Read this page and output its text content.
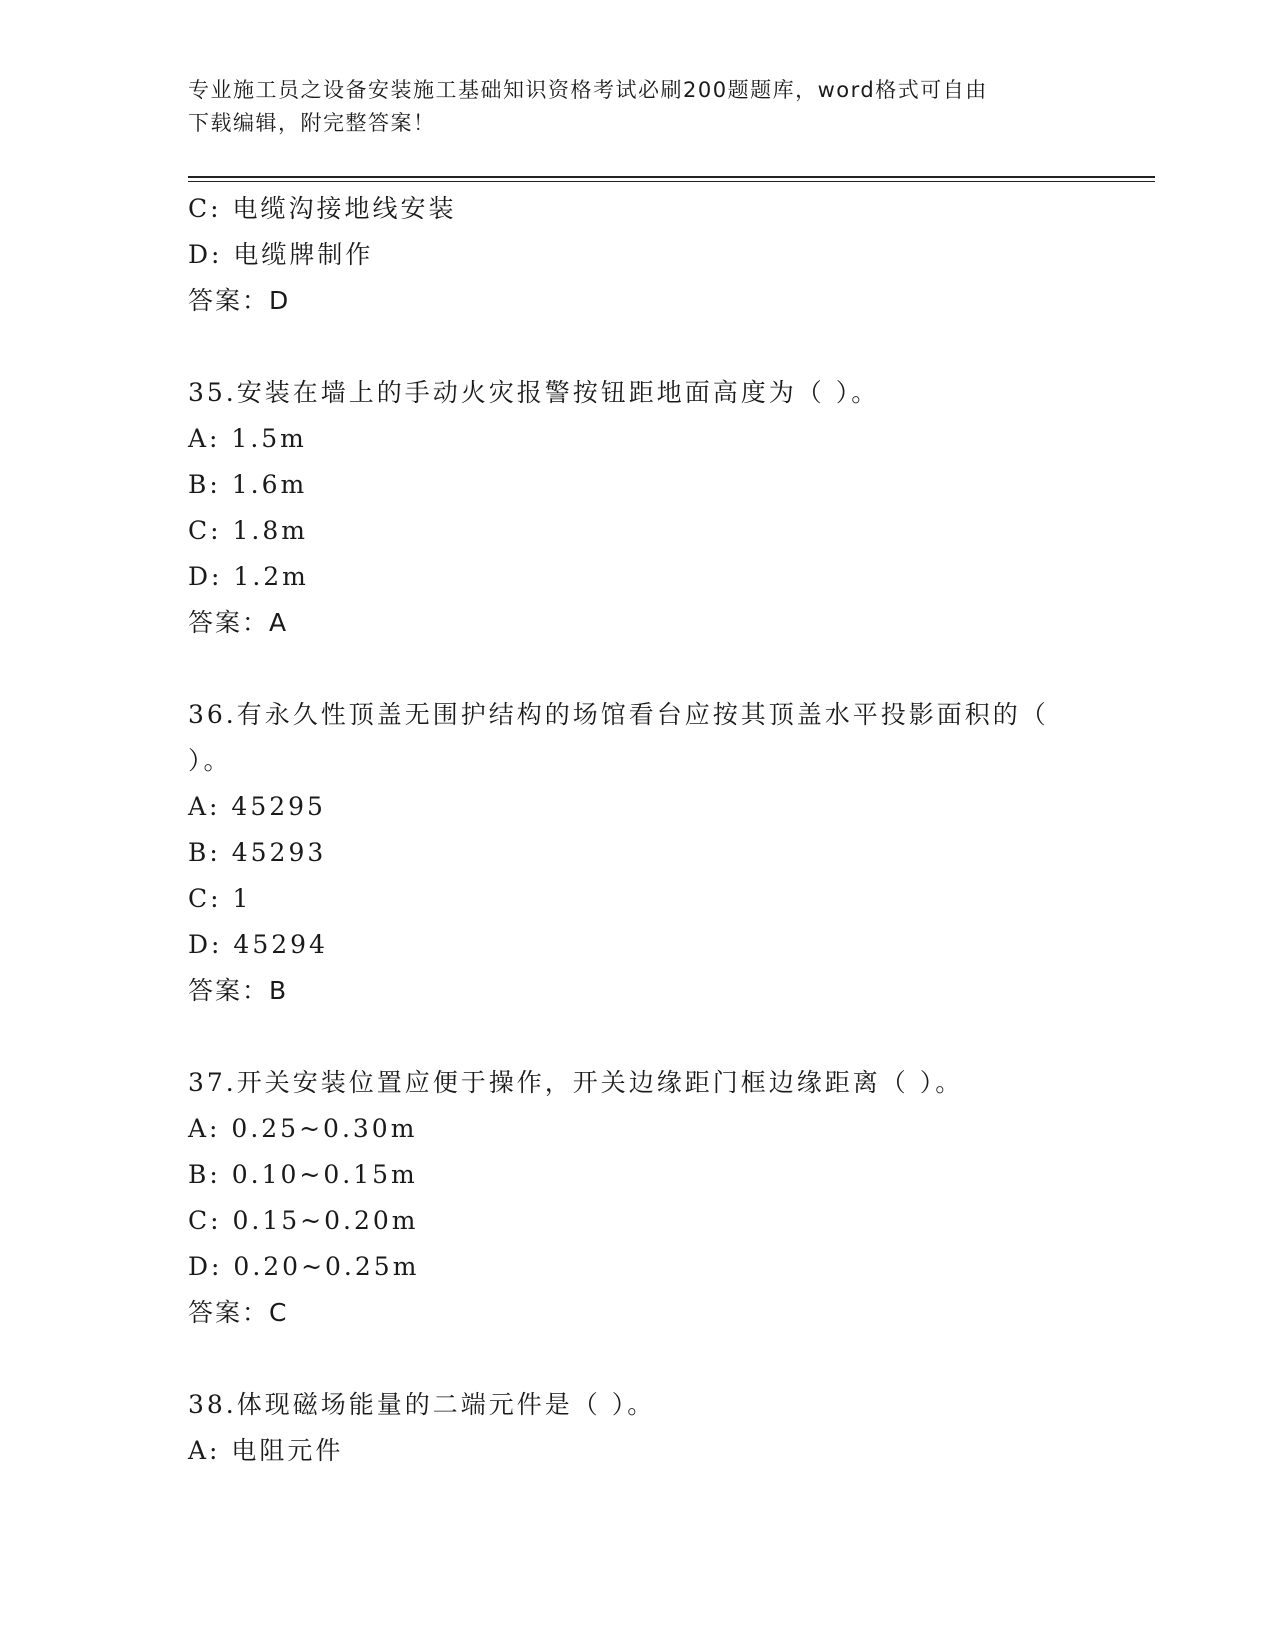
专业施工员之设备安装施工基础知识资格考试必刷200题题库，word格式可自由
下载编辑，附完整答案！
C: 电缆沟接地线安装
D: 电缆牌制作
答案：D
35.安装在墙上的手动火灾报警按钮距地面高度为（ ）。
A: 1.5m
B: 1.6m
C: 1.8m
D: 1.2m
答案：A
36.有永久性顶盖无围护结构的场馆看台应按其顶盖水平投影面积的（ ）。
A: 45295
B: 45293
C: 1
D: 45294
答案：B
37.开关安装位置应便于操作，开关边缘距门框边缘距离（ ）。
A: 0.25~0.30m
B: 0.10~0.15m
C: 0.15~0.20m
D: 0.20~0.25m
答案：C
38.体现磁场能量的二端元件是（ ）。
A: 电阻元件
